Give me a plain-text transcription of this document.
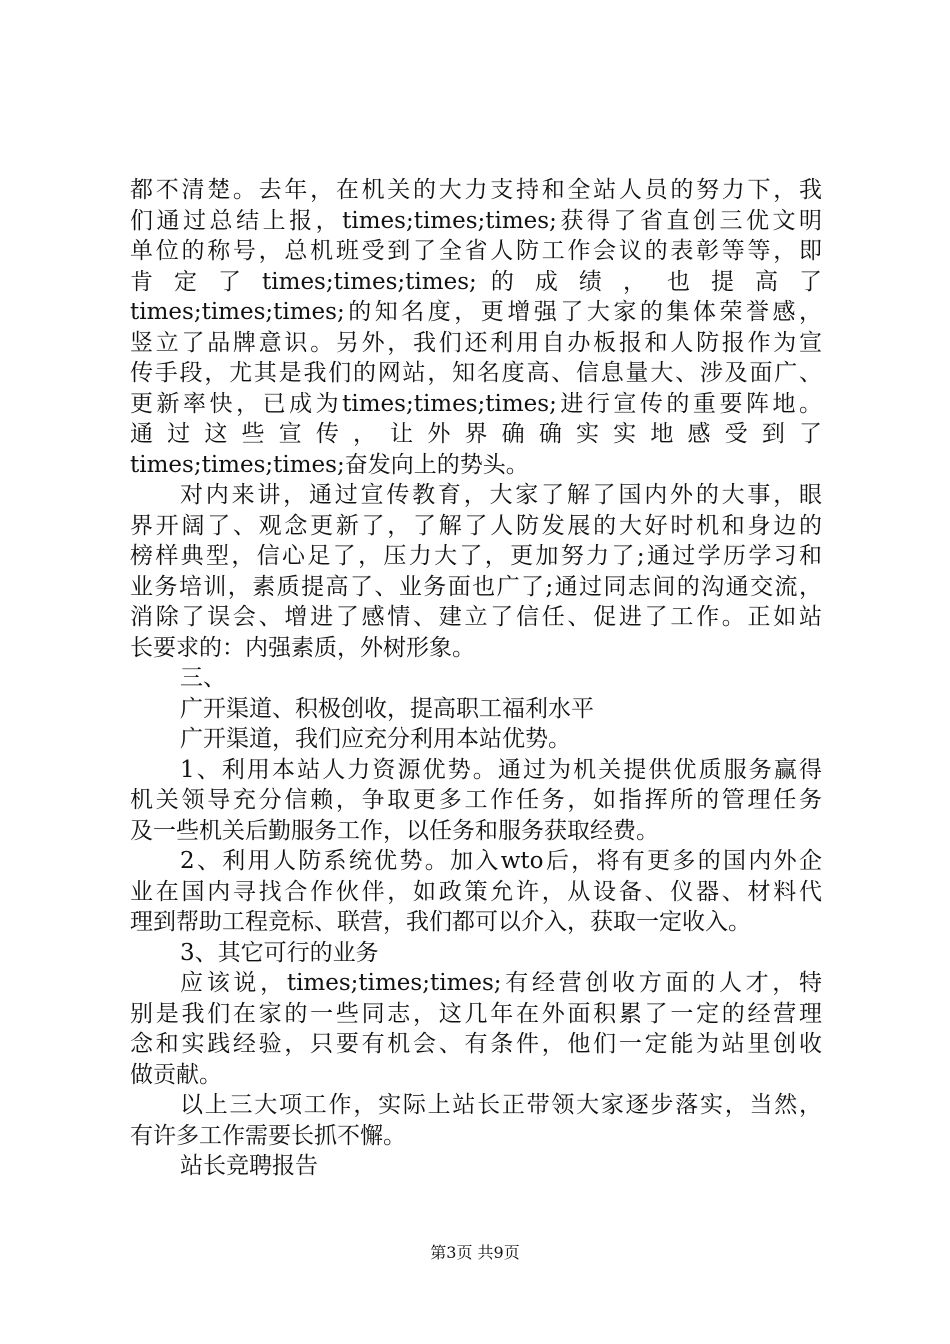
都不清楚。去年，在机关的大力支持和全站人员的努力下，我
们通过总结上报，times;times;times;获得了省直创三优文明
单位的称号，总机班受到了全省人防工作会议的表彰等等，即
肯 定 了 times;times;times; 的 成 绩 ， 也 提 高 了
times;times;times;的知名度，更增强了大家的集体荣誉感，
竖立了品牌意识。另外，我们还利用自办板报和人防报作为宣
传手段，尤其是我们的网站，知名度高、信息量大、涉及面广、
更新率快，已成为times;times;times;进行宣传的重要阵地。
通 过 这 些 宣 传 ， 让 外 界 确 确 实 实 地 感 受 到 了
times;times;times;奋发向上的势头。
对内来讲，通过宣传教育，大家了解了国内外的大事，眼
界开阔了、观念更新了，了解了人防发展的大好时机和身边的
榜样典型，信心足了，压力大了，更加努力了;通过学历学习和
业务培训，素质提高了、业务面也广了;通过同志间的沟通交流，
消除了误会、增进了感情、建立了信任、促进了工作。正如站
长要求的：内强素质，外树形象。
三、
广开渠道、积极创收，提高职工福利水平
广开渠道，我们应充分利用本站优势。
1、利用本站人力资源优势。通过为机关提供优质服务赢得
机关领导充分信赖，争取更多工作任务，如指挥所的管理任务
及一些机关后勤服务工作，以任务和服务获取经费。
2、利用人防系统优势。加入wto后，将有更多的国内外企
业在国内寻找合作伙伴，如政策允许，从设备、仪器、材料代
理到帮助工程竞标、联营，我们都可以介入，获取一定收入。
3、其它可行的业务
应该说，times;times;times;有经营创收方面的人才，特
别是我们在家的一些同志，这几年在外面积累了一定的经营理
念和实践经验，只要有机会、有条件，他们一定能为站里创收
做贡献。
以上三大项工作，实际上站长正带领大家逐步落实，当然，
有许多工作需要长抓不懈。
站长竞聘报告
第3页 共9页
